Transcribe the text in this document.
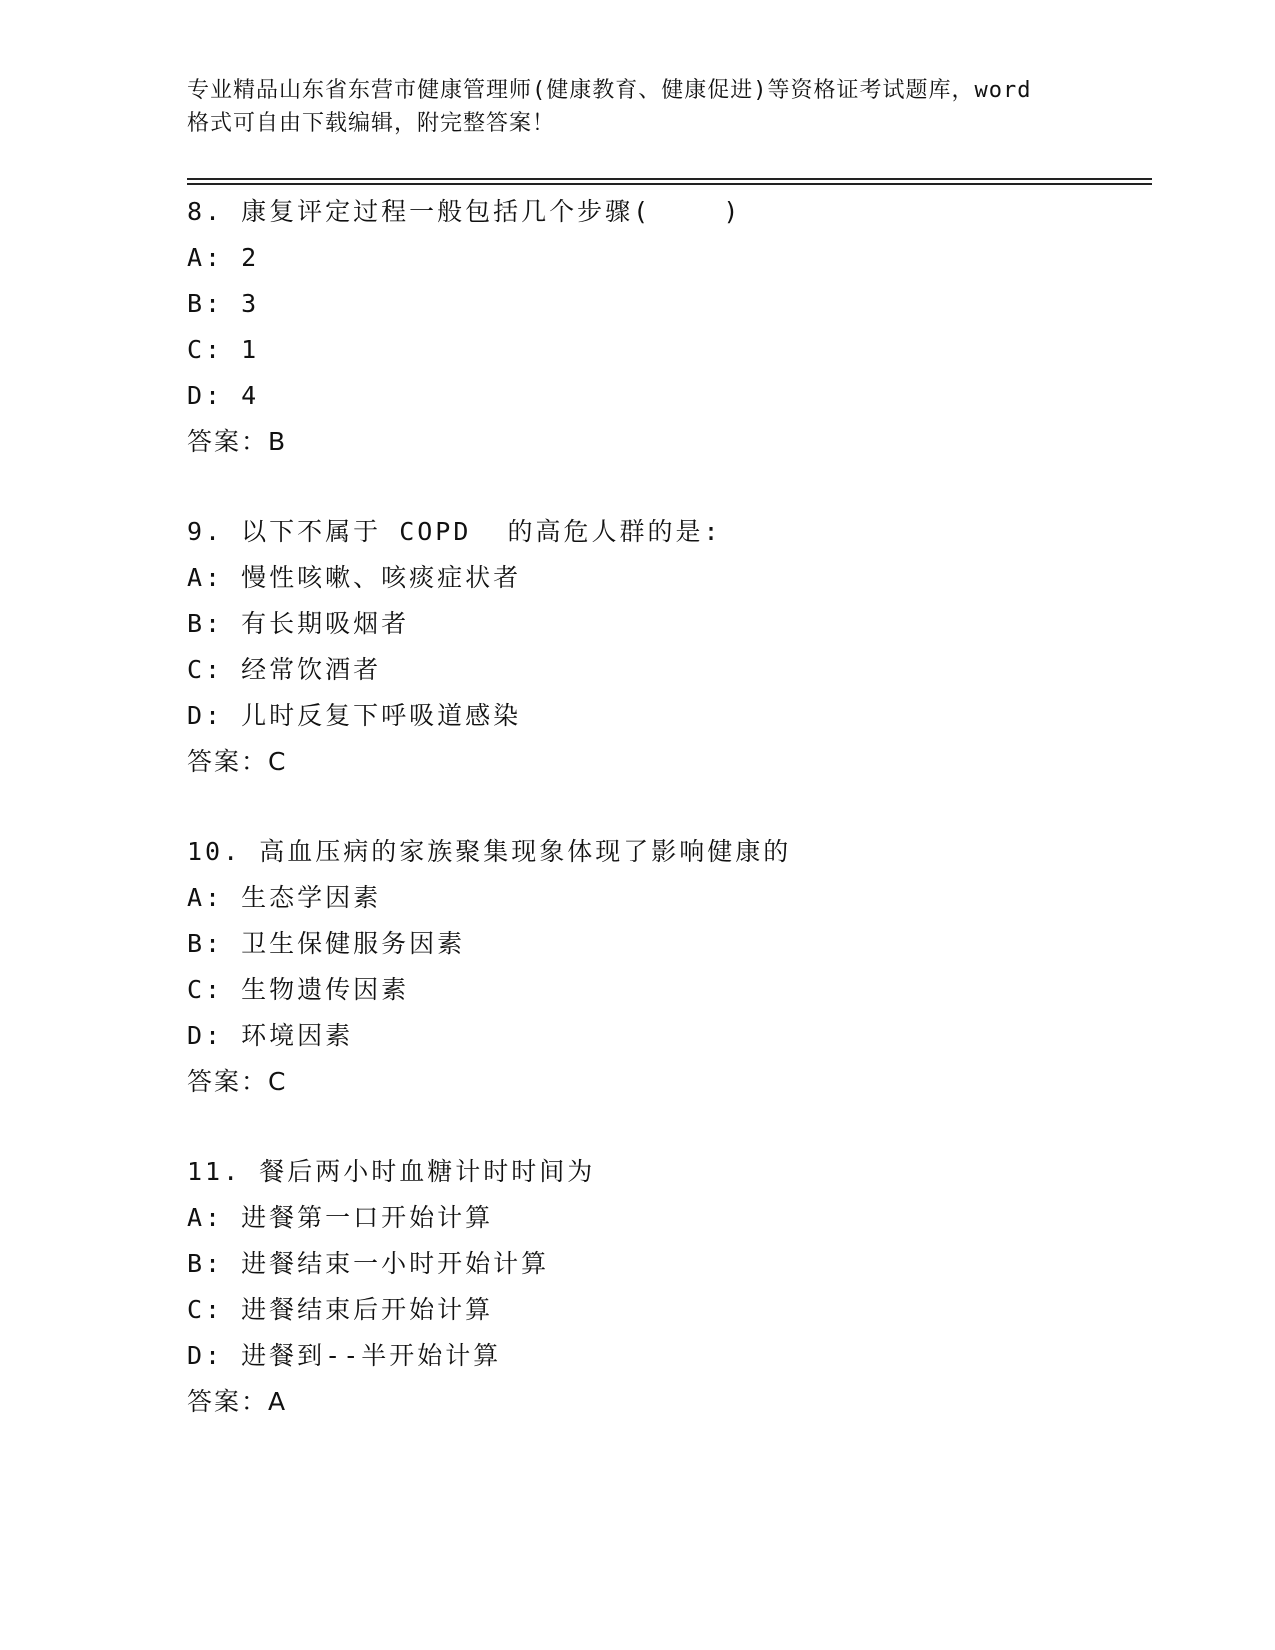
专业精品山东省东营市健康管理师(健康教育、健康促进)等资格证考试题库，word
格式可自由下载编辑，附完整答案！
8. 康复评定过程一般包括几个步骤(    )
A: 2
B: 3
C: 1
D: 4
答案：B
9. 以下不属于 COPD  的高危人群的是:
A: 慢性咳嗽、咳痰症状者
B: 有长期吸烟者
C: 经常饮酒者
D: 儿时反复下呼吸道感染
答案：C
10. 高血压病的家族聚集现象体现了影响健康的
A: 生态学因素
B: 卫生保健服务因素
C: 生物遗传因素
D: 环境因素
答案：C
11. 餐后两小时血糖计时时间为
A: 进餐第一口开始计算
B: 进餐结束一小时开始计算
C: 进餐结束后开始计算
D: 进餐到--半开始计算
答案：A
